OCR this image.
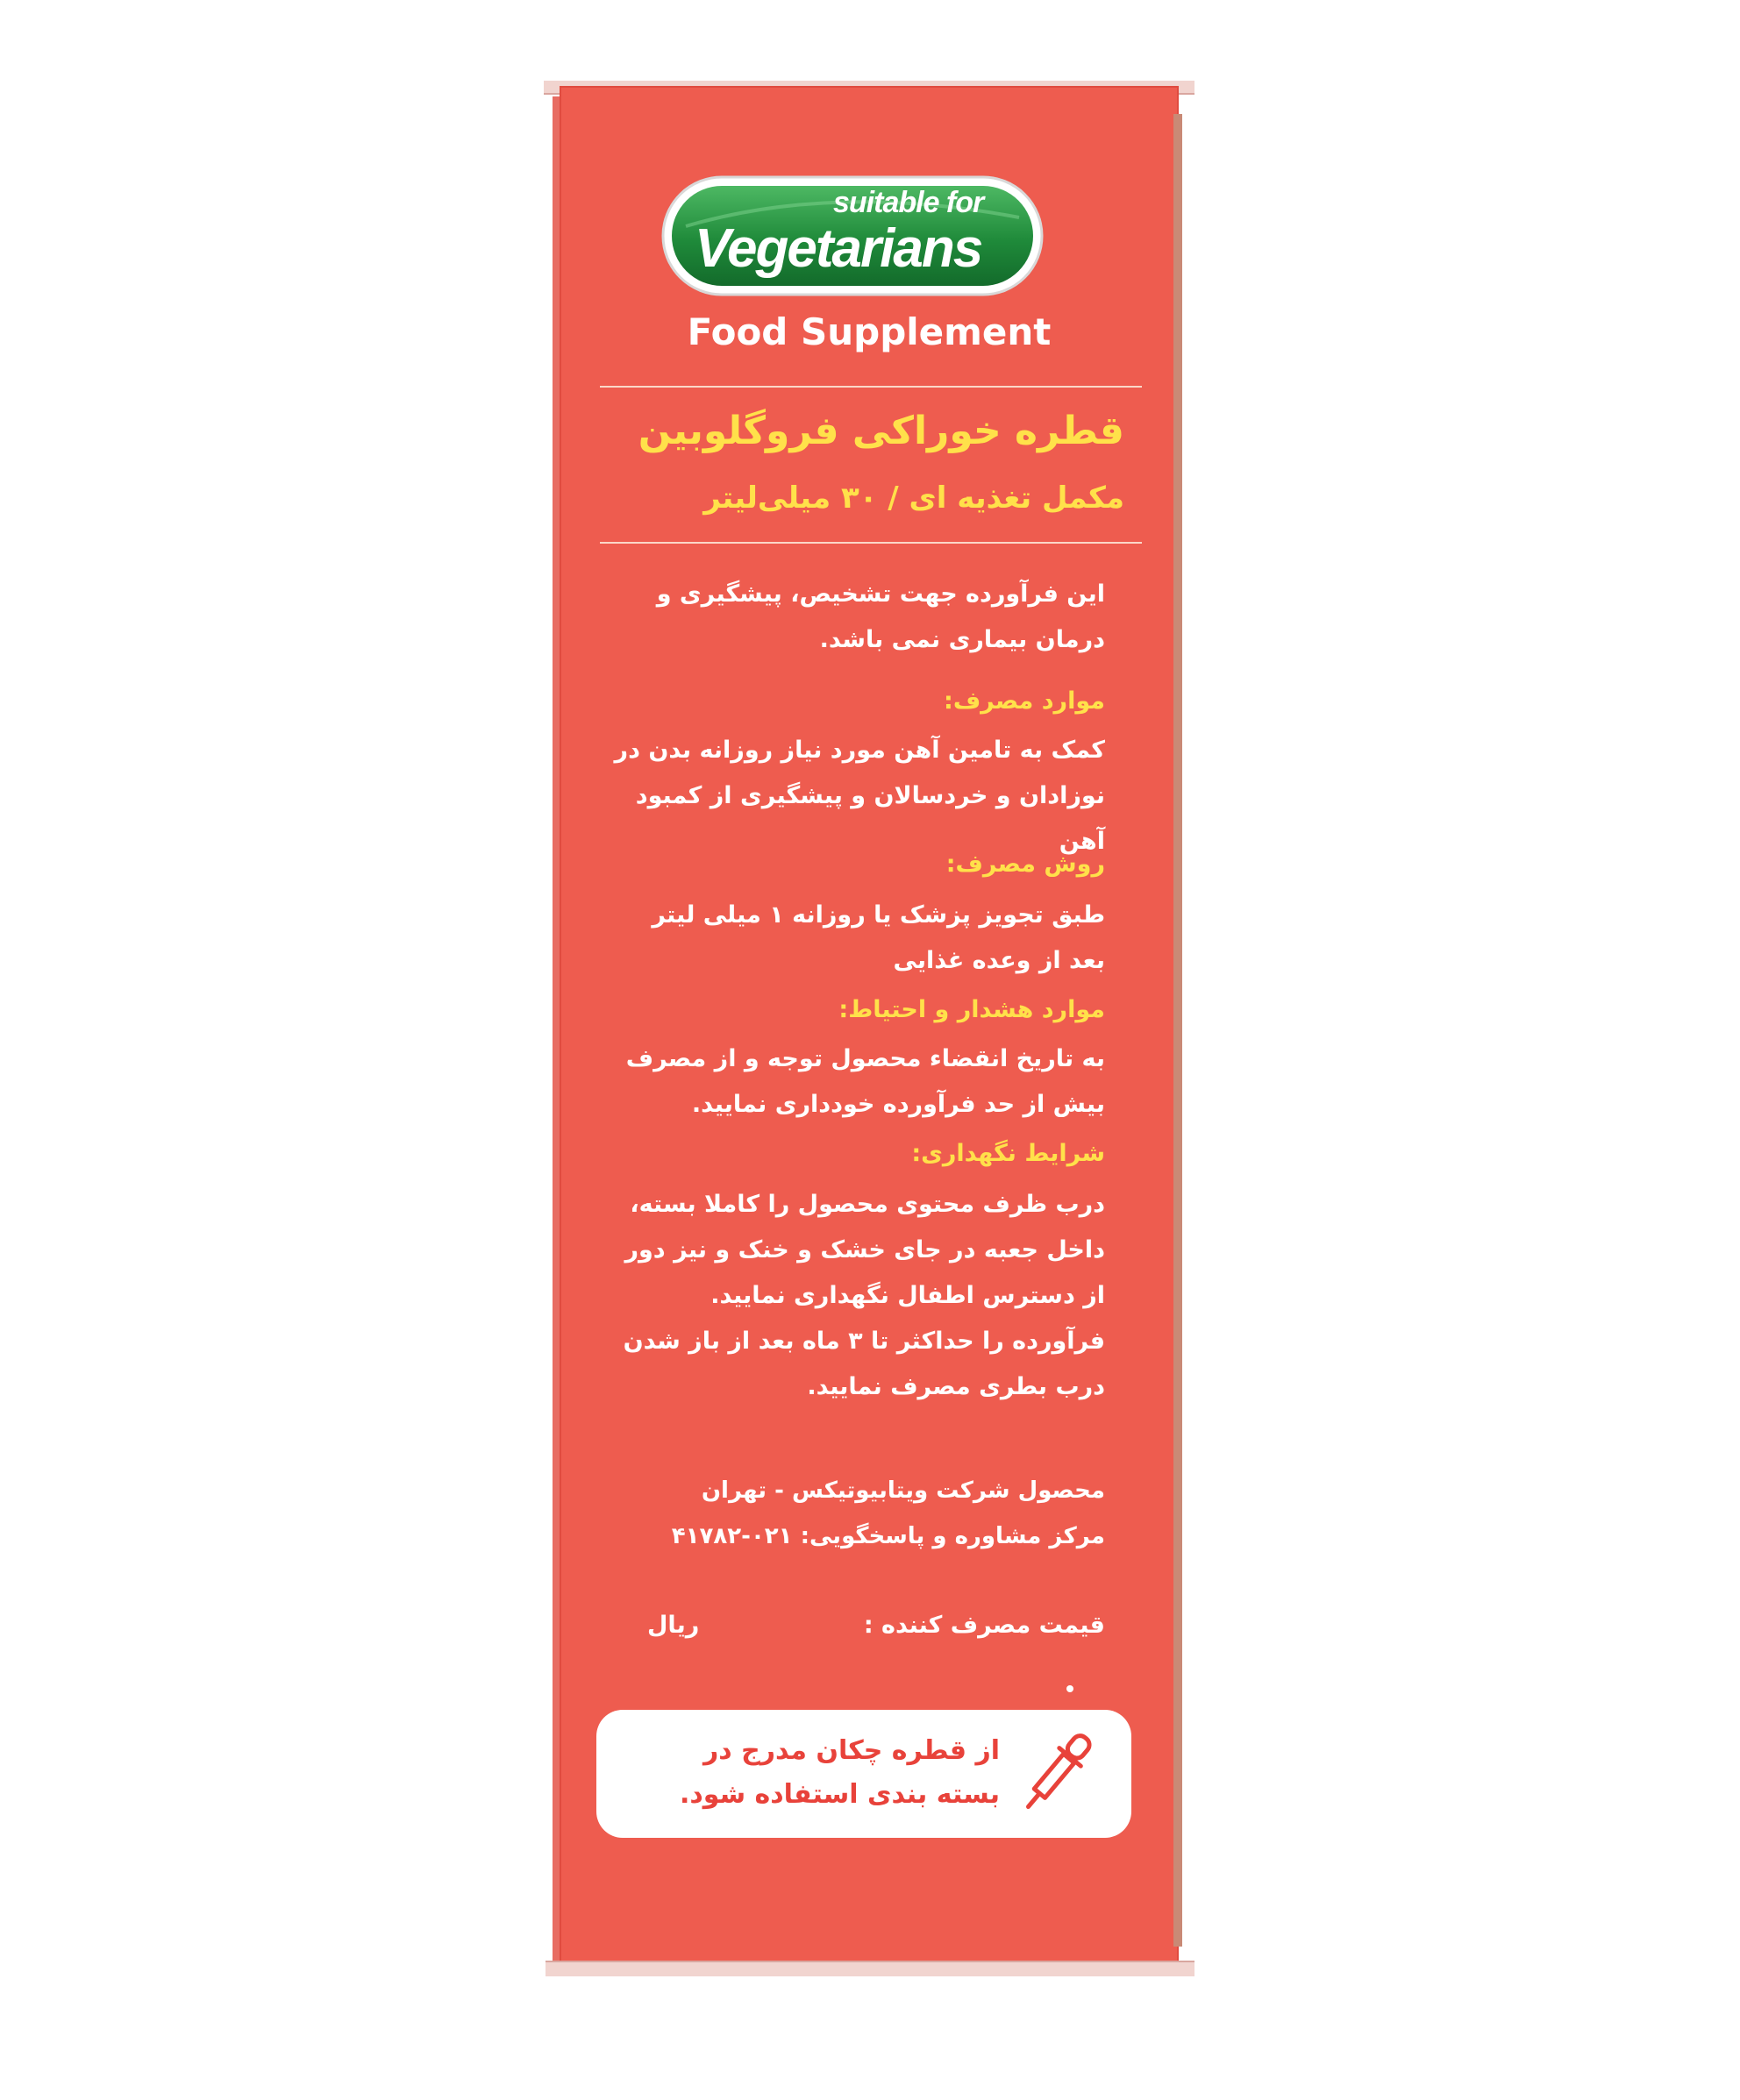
suitable for
Vegetarians
Food Supplement
قطره خوراکی فروگلوبین
مکمل تغذیه ای / ۳۰ میلی‌لیتر

این فرآورده جهت تشخیص، پیشگیری و

درمان بیماری نمی باشد.

موارد مصرف:

کمک به تامین آهن مورد نیاز روزانه بدن در

نوزادان و خردسالان و پیشگیری از کمبود آهن

روش مصرف:

طبق تجویز پزشک یا روزانه ۱ میلی لیتر

بعد از وعده غذایی

موارد هشدار و احتیاط:

به تاریخ انقضاء محصول توجه و از مصرف

بیش از حد فرآورده خودداری نمایید.

شرایط نگهداری:

درب ظرف محتوی محصول را کاملا بسته،

داخل جعبه در جای خشک و خنک و نیز دور

از دسترس اطفال نگهداری نمایید.

فرآورده را حداکثر تا ۳ ماه بعد از باز شدن

درب بطری مصرف نمایید.

محصول شرکت ویتابیوتیکس - تهران

مرکز مشاوره و پاسخگویی: ۰۲۱-۴۱۷۸۲

قیمت مصرف کننده :
ریال

از قطره چکان مدرج در

بسته بندی استفاده شود.
